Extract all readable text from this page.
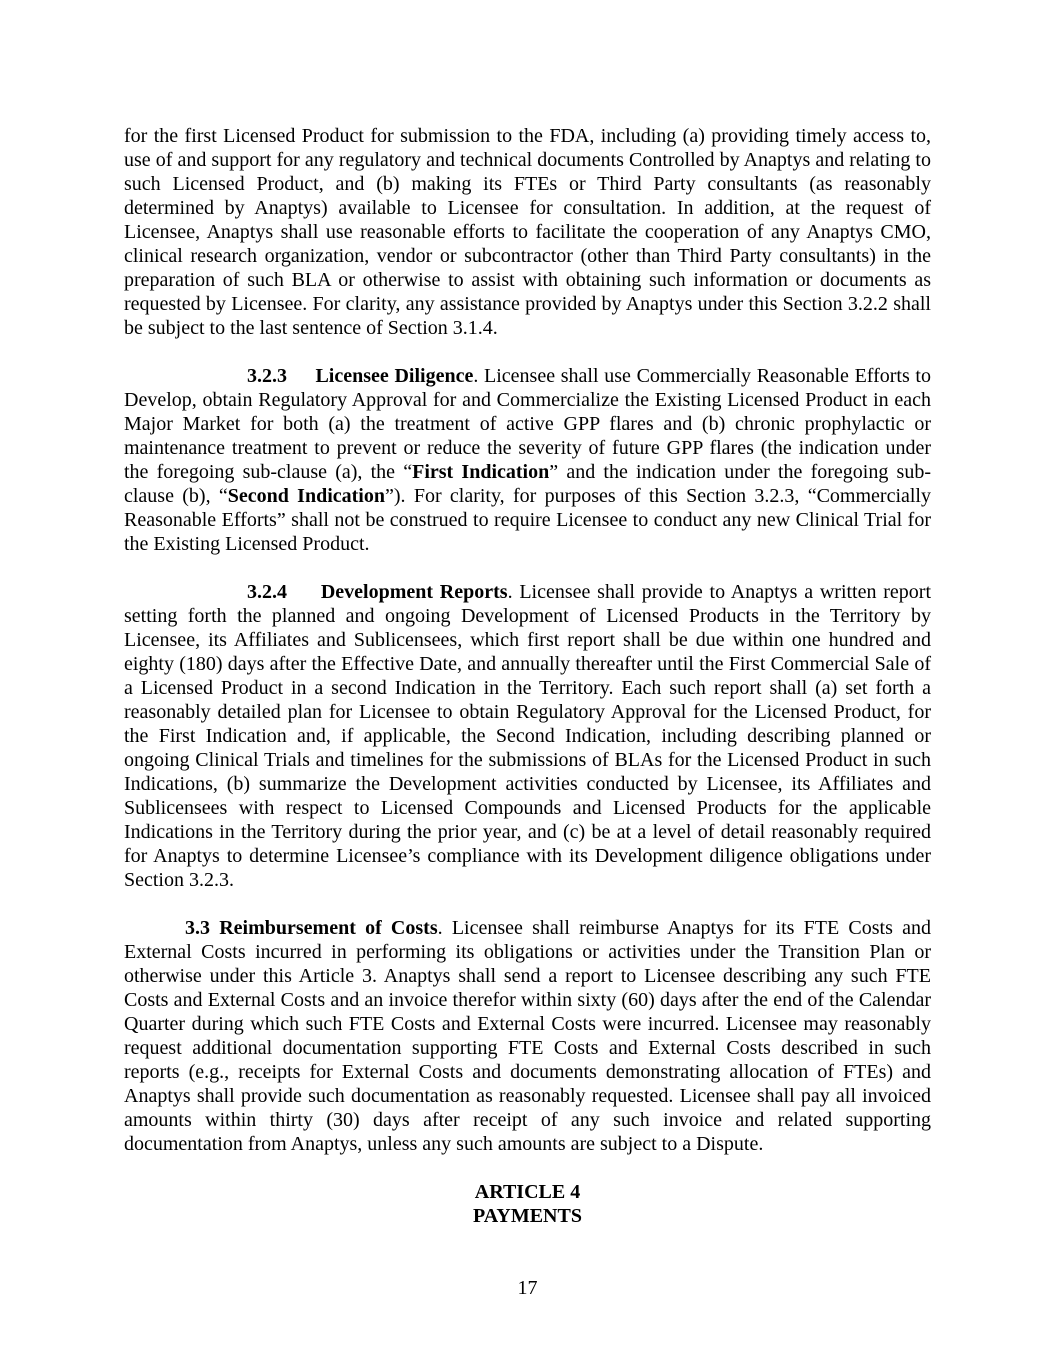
for the first Licensed Product for submission to the FDA, including (a) providing timely access to, use of and support for any regulatory and technical documents Controlled by Anaptys and relating to such Licensed Product, and (b) making its FTEs or Third Party consultants (as reasonably determined by Anaptys) available to Licensee for consultation. In addition, at the request of Licensee, Anaptys shall use reasonable efforts to facilitate the cooperation of any Anaptys CMO, clinical research organization, vendor or subcontractor (other than Third Party consultants) in the preparation of such BLA or otherwise to assist with obtaining such information or documents as requested by Licensee. For clarity, any assistance provided by Anaptys under this Section 3.2.2 shall be subject to the last sentence of Section 3.1.4.

3.2.3     Licensee Diligence. Licensee shall use Commercially Reasonable Efforts to Develop, obtain Regulatory Approval for and Commercialize the Existing Licensed Product in each Major Market for both (a) the treatment of active GPP flares and (b) chronic prophylactic or maintenance treatment to prevent or reduce the severity of future GPP flares (the indication under the foregoing sub-clause (a), the “First Indication” and the indication under the foregoing sub-clause (b), “Second Indication”). For clarity, for purposes of this Section 3.2.3, “Commercially Reasonable Efforts” shall not be construed to require Licensee to conduct any new Clinical Trial for the Existing Licensed Product.

3.2.4     Development Reports. Licensee shall provide to Anaptys a written report setting forth the planned and ongoing Development of Licensed Products in the Territory by Licensee, its Affiliates and Sublicensees, which first report shall be due within one hundred and eighty (180) days after the Effective Date, and annually thereafter until the First Commercial Sale of a Licensed Product in a second Indication in the Territory. Each such report shall (a) set forth a reasonably detailed plan for Licensee to obtain Regulatory Approval for the Licensed Product, for the First Indication and, if applicable, the Second Indication, including describing planned or ongoing Clinical Trials and timelines for the submissions of BLAs for the Licensed Product in such Indications, (b) summarize the Development activities conducted by Licensee, its Affiliates and Sublicensees with respect to Licensed Compounds and Licensed Products for the applicable Indications in the Territory during the prior year, and (c) be at a level of detail reasonably required for Anaptys to determine Licensee’s compliance with its Development diligence obligations under Section 3.2.3.

3.3 Reimbursement of Costs. Licensee shall reimburse Anaptys for its FTE Costs and External Costs incurred in performing its obligations or activities under the Transition Plan or otherwise under this Article 3. Anaptys shall send a report to Licensee describing any such FTE Costs and External Costs and an invoice therefor within sixty (60) days after the end of the Calendar Quarter during which such FTE Costs and External Costs were incurred. Licensee may reasonably request additional documentation supporting FTE Costs and External Costs described in such reports (e.g., receipts for External Costs and documents demonstrating allocation of FTEs) and Anaptys shall provide such documentation as reasonably requested. Licensee shall pay all invoiced amounts within thirty (30) days after receipt of any such invoice and related supporting documentation from Anaptys, unless any such amounts are subject to a Dispute.

ARTICLE 4
PAYMENTS
17
